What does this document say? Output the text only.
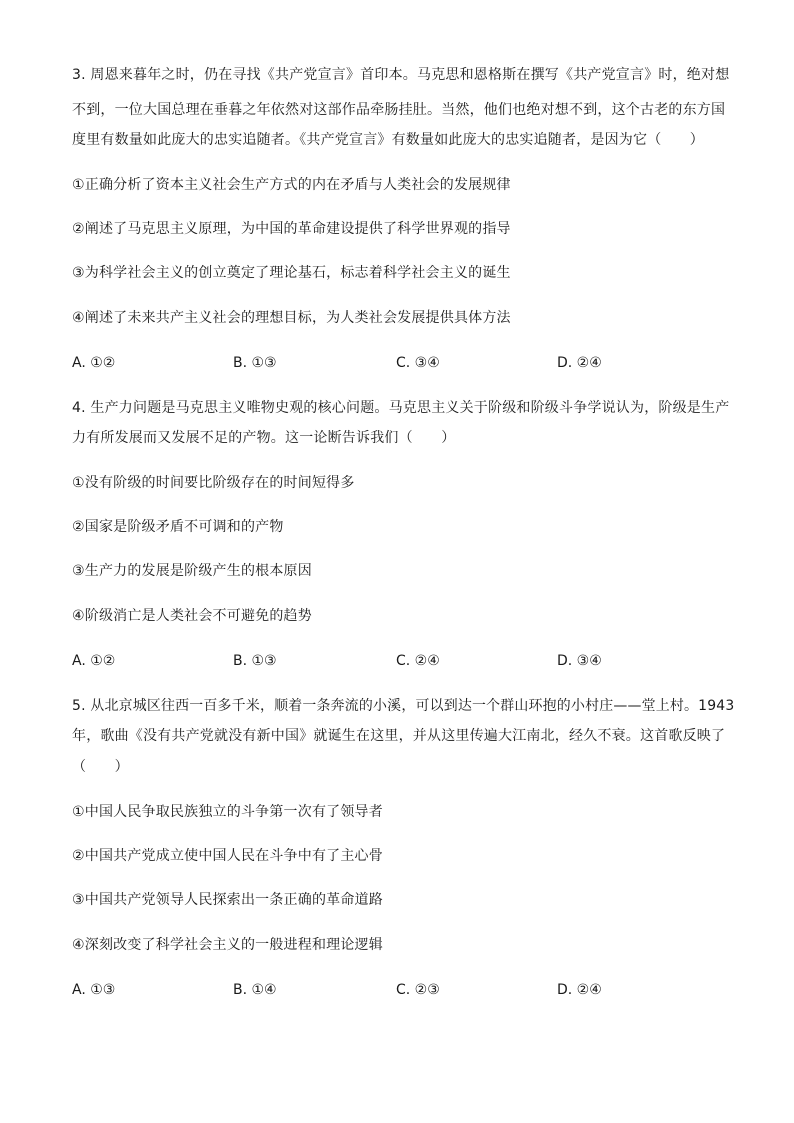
3. 周恩来暮年之时，仍在寻找《共产党宣言》首印本。马克思和恩格斯在撰写《共产党宣言》时，绝对想
不到，一位大国总理在垂暮之年依然对这部作品牵肠挂肚。当然，他们也绝对想不到，这个古老的东方国
度里有数量如此庞大的忠实追随者。《共产党宣言》有数量如此庞大的忠实追随者，是因为它（　　）
①正确分析了资本主义社会生产方式的内在矛盾与人类社会的发展规律
②阐述了马克思主义原理，为中国的革命建设提供了科学世界观的指导
③为科学社会主义的创立奠定了理论基石，标志着科学社会主义的诞生
④阐述了未来共产主义社会的理想目标，为人类社会发展提供具体方法
A. ①②	B. ①③	C. ③④	D. ②④
4. 生产力问题是马克思主义唯物史观的核心问题。马克思主义关于阶级和阶级斗争学说认为，阶级是生产
力有所发展而又发展不足的产物。这一论断告诉我们（　　）
①没有阶级的时间要比阶级存在的时间短得多
②国家是阶级矛盾不可调和的产物
③生产力的发展是阶级产生的根本原因
④阶级消亡是人类社会不可避免的趋势
A. ①②	B. ①③	C. ②④	D. ③④
5. 从北京城区往西一百多千米，顺着一条奔流的小溪，可以到达一个群山环抱的小村庄——堂上村。1943
年，歌曲《没有共产党就没有新中国》就诞生在这里，并从这里传遍大江南北，经久不衰。这首歌反映了
（　　）
①中国人民争取民族独立的斗争第一次有了领导者
②中国共产党成立使中国人民在斗争中有了主心骨
③中国共产党领导人民探索出一条正确的革命道路
④深刻改变了科学社会主义的一般进程和理论逻辑
A. ①③	B. ①④	C. ②③	D. ②④
